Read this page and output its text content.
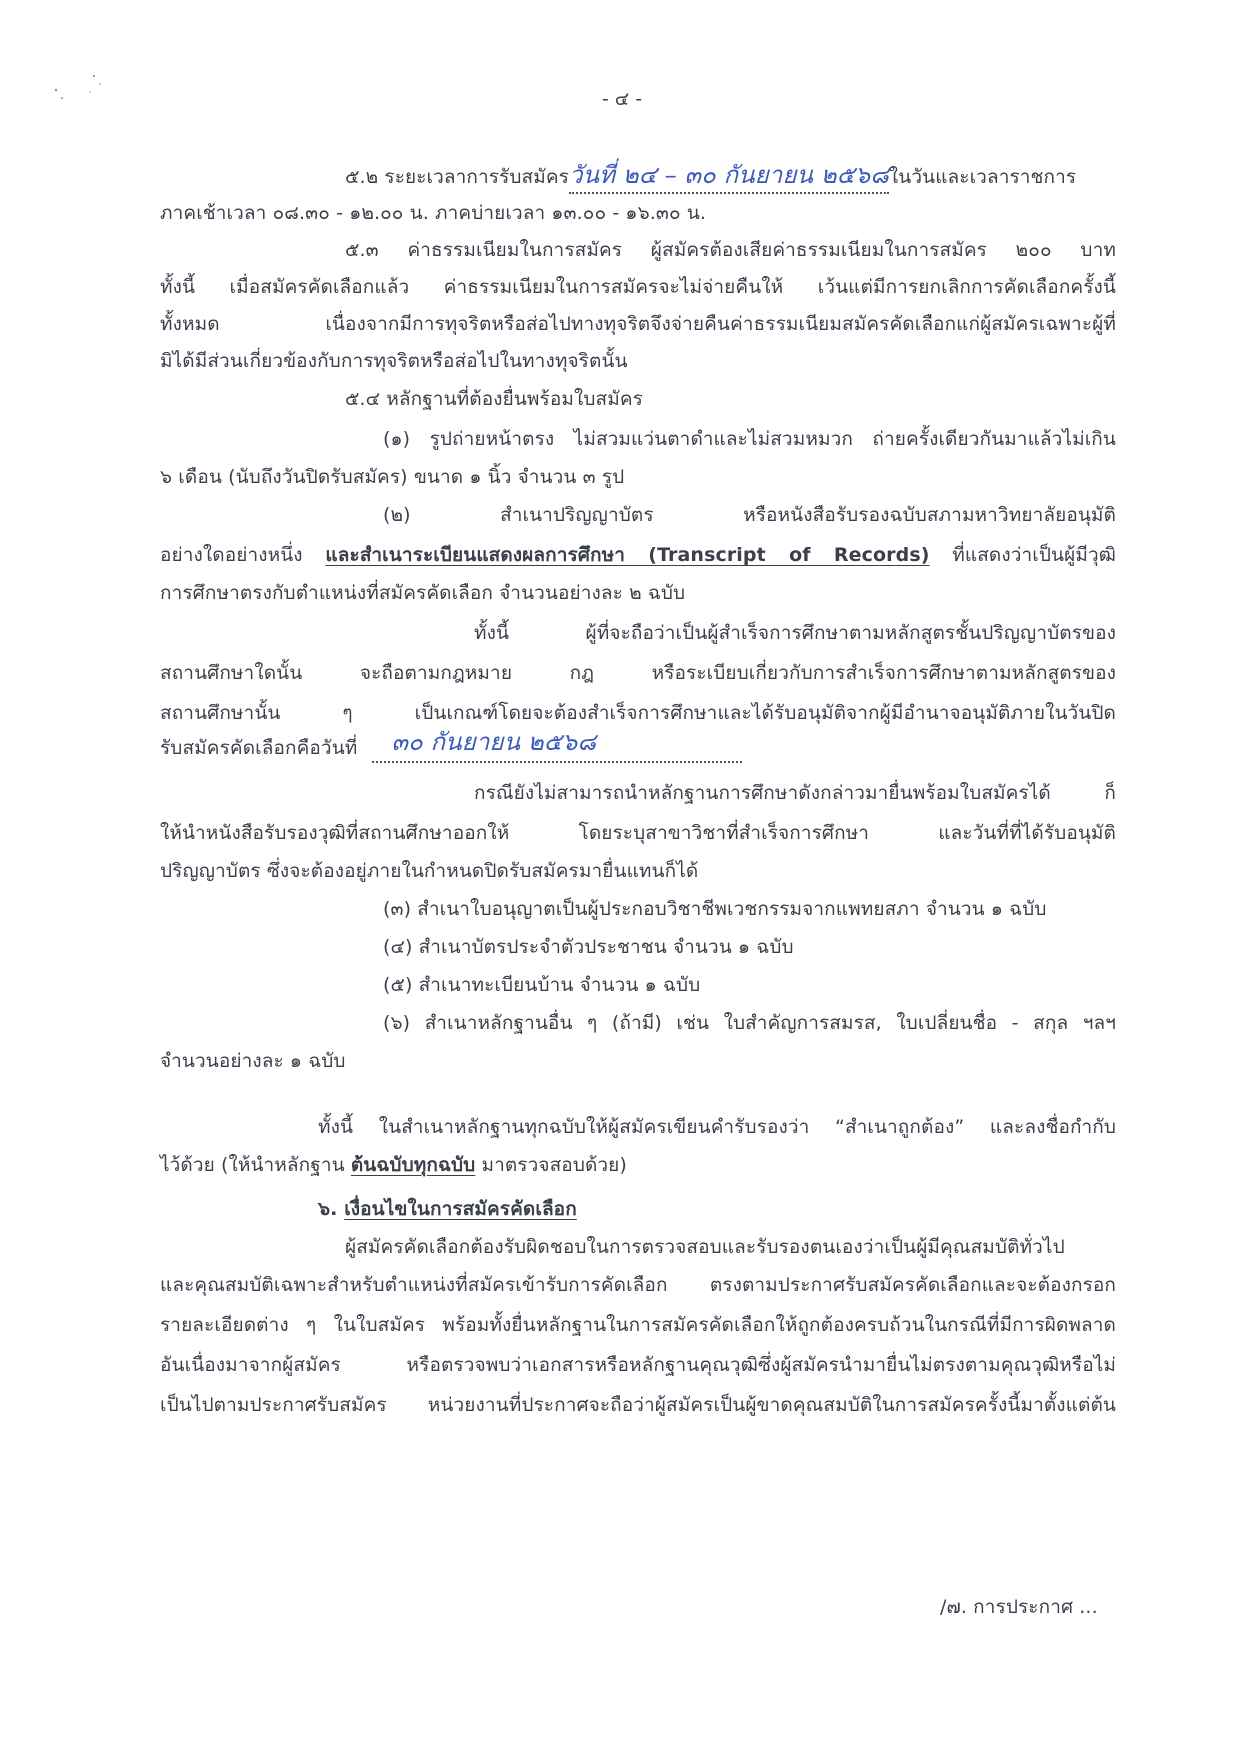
- ๔ -
๕.๒ ระยะเวลาการรับสมัครวันที่ ๒๔ – ๓๐ กันยายน ๒๕๖๘ในวันและเวลาราชการ
ภาคเช้าเวลา ๐๘.๓๐ - ๑๒.๐๐ น. ภาคบ่ายเวลา ๑๓.๐๐ - ๑๖.๓๐ น.
๕.๓ ค่าธรรมเนียมในการสมัคร ผู้สมัครต้องเสียค่าธรรมเนียมในการสมัคร ๒๐๐ บาท
ทั้งนี้ เมื่อสมัครคัดเลือกแล้ว ค่าธรรมเนียมในการสมัครจะไม่จ่ายคืนให้ เว้นแต่มีการยกเลิกการคัดเลือกครั้งนี้
ทั้งหมด เนื่องจากมีการทุจริตหรือส่อไปทางทุจริตจึงจ่ายคืนค่าธรรมเนียมสมัครคัดเลือกแก่ผู้สมัครเฉพาะผู้ที่
มิได้มีส่วนเกี่ยวข้องกับการทุจริตหรือส่อไปในทางทุจริตนั้น
๕.๔ หลักฐานที่ต้องยื่นพร้อมใบสมัคร
(๑) รูปถ่ายหน้าตรง ไม่สวมแว่นตาดำและไม่สวมหมวก ถ่ายครั้งเดียวกันมาแล้วไม่เกิน
๖ เดือน (นับถึงวันปิดรับสมัคร) ขนาด ๑ นิ้ว จำนวน ๓ รูป
(๒) สำเนาปริญญาบัตร หรือหนังสือรับรองฉบับสภามหาวิทยาลัยอนุมัติ
อย่างใดอย่างหนึ่ง และสำเนาระเบียนแสดงผลการศึกษา (Transcript of Records) ที่แสดงว่าเป็นผู้มีวุฒิ
การศึกษาตรงกับตำแหน่งที่สมัครคัดเลือก จำนวนอย่างละ ๒ ฉบับ
ทั้งนี้ ผู้ที่จะถือว่าเป็นผู้สำเร็จการศึกษาตามหลักสูตรชั้นปริญญาบัตรของ
สถานศึกษาใดนั้น จะถือตามกฎหมาย กฎ หรือระเบียบเกี่ยวกับการสำเร็จการศึกษาตามหลักสูตรของ
สถานศึกษานั้น ๆ เป็นเกณฑ์โดยจะต้องสำเร็จการศึกษาและได้รับอนุมัติจากผู้มีอำนาจอนุมัติภายในวันปิด
รับสมัครคัดเลือกคือวันที่ ๓๐ กันยายน ๒๕๖๘
กรณียังไม่สามารถนำหลักฐานการศึกษาดังกล่าวมายื่นพร้อมใบสมัครได้ ก็
ให้นำหนังสือรับรองวุฒิที่สถานศึกษาออกให้ โดยระบุสาขาวิชาที่สำเร็จการศึกษา และวันที่ที่ได้รับอนุมัติ
ปริญญาบัตร ซึ่งจะต้องอยู่ภายในกำหนดปิดรับสมัครมายื่นแทนก็ได้
(๓) สำเนาใบอนุญาตเป็นผู้ประกอบวิชาชีพเวชกรรมจากแพทยสภา จำนวน ๑ ฉบับ
(๔) สำเนาบัตรประจำตัวประชาชน จำนวน ๑ ฉบับ
(๕) สำเนาทะเบียนบ้าน จำนวน ๑ ฉบับ
(๖) สำเนาหลักฐานอื่น ๆ (ถ้ามี) เช่น ใบสำคัญการสมรส, ใบเปลี่ยนชื่อ - สกุล ฯลฯ
จำนวนอย่างละ ๑ ฉบับ
ทั้งนี้ ในสำเนาหลักฐานทุกฉบับให้ผู้สมัครเขียนคำรับรองว่า “สำเนาถูกต้อง” และลงชื่อกำกับ
ไว้ด้วย (ให้นำหลักฐาน ต้นฉบับทุกฉบับ มาตรวจสอบด้วย)
๖. เงื่อนไขในการสมัครคัดเลือก
ผู้สมัครคัดเลือกต้องรับผิดชอบในการตรวจสอบและรับรองตนเองว่าเป็นผู้มีคุณสมบัติทั่วไป
และคุณสมบัติเฉพาะสำหรับตำแหน่งที่สมัครเข้ารับการคัดเลือก ตรงตามประกาศรับสมัครคัดเลือกและจะต้องกรอก
รายละเอียดต่าง ๆ ในใบสมัคร พร้อมทั้งยื่นหลักฐานในการสมัครคัดเลือกให้ถูกต้องครบถ้วนในกรณีที่มีการผิดพลาด
อันเนื่องมาจากผู้สมัคร หรือตรวจพบว่าเอกสารหรือหลักฐานคุณวุฒิซึ่งผู้สมัครนำมายื่นไม่ตรงตามคุณวุฒิหรือไม่
เป็นไปตามประกาศรับสมัคร หน่วยงานที่ประกาศจะถือว่าผู้สมัครเป็นผู้ขาดคุณสมบัติในการสมัครครั้งนี้มาตั้งแต่ต้น
/๗. การประกาศ ...
